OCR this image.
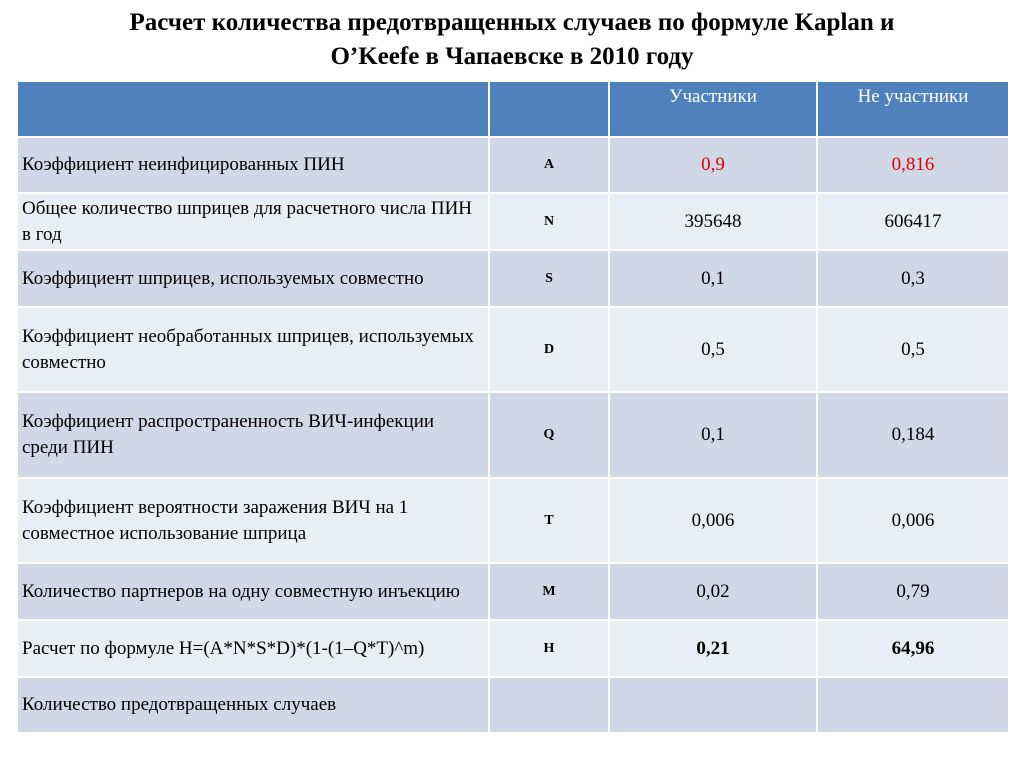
Расчет количества предотвращенных случаев по формуле Kaplan и
O’Keefe в Чапаевске в 2010 году
		Участники	Не участники
Коэффициент неинфицированных ПИН	A	0,9	0,816
Общее количество шприцев для расчетного числа ПИН в год	N	395648	606417
Коэффициент шприцев, используемых совместно	S	0,1	0,3
Коэффициент необработанных шприцев, используемых совместно	D	0,5	0,5
Коэффициент распространенность ВИЧ-инфекции среди ПИН	Q	0,1	0,184
Коэффициент вероятности заражения ВИЧ на 1 совместное использование шприца	T	0,006	0,006
Количество партнеров на одну совместную инъекцию	M	0,02	0,79
Расчет по формуле H=(A*N*S*D)*(1-(1–Q*T)^m)	H	0,21	64,96
Количество предотвращенных случаев			
